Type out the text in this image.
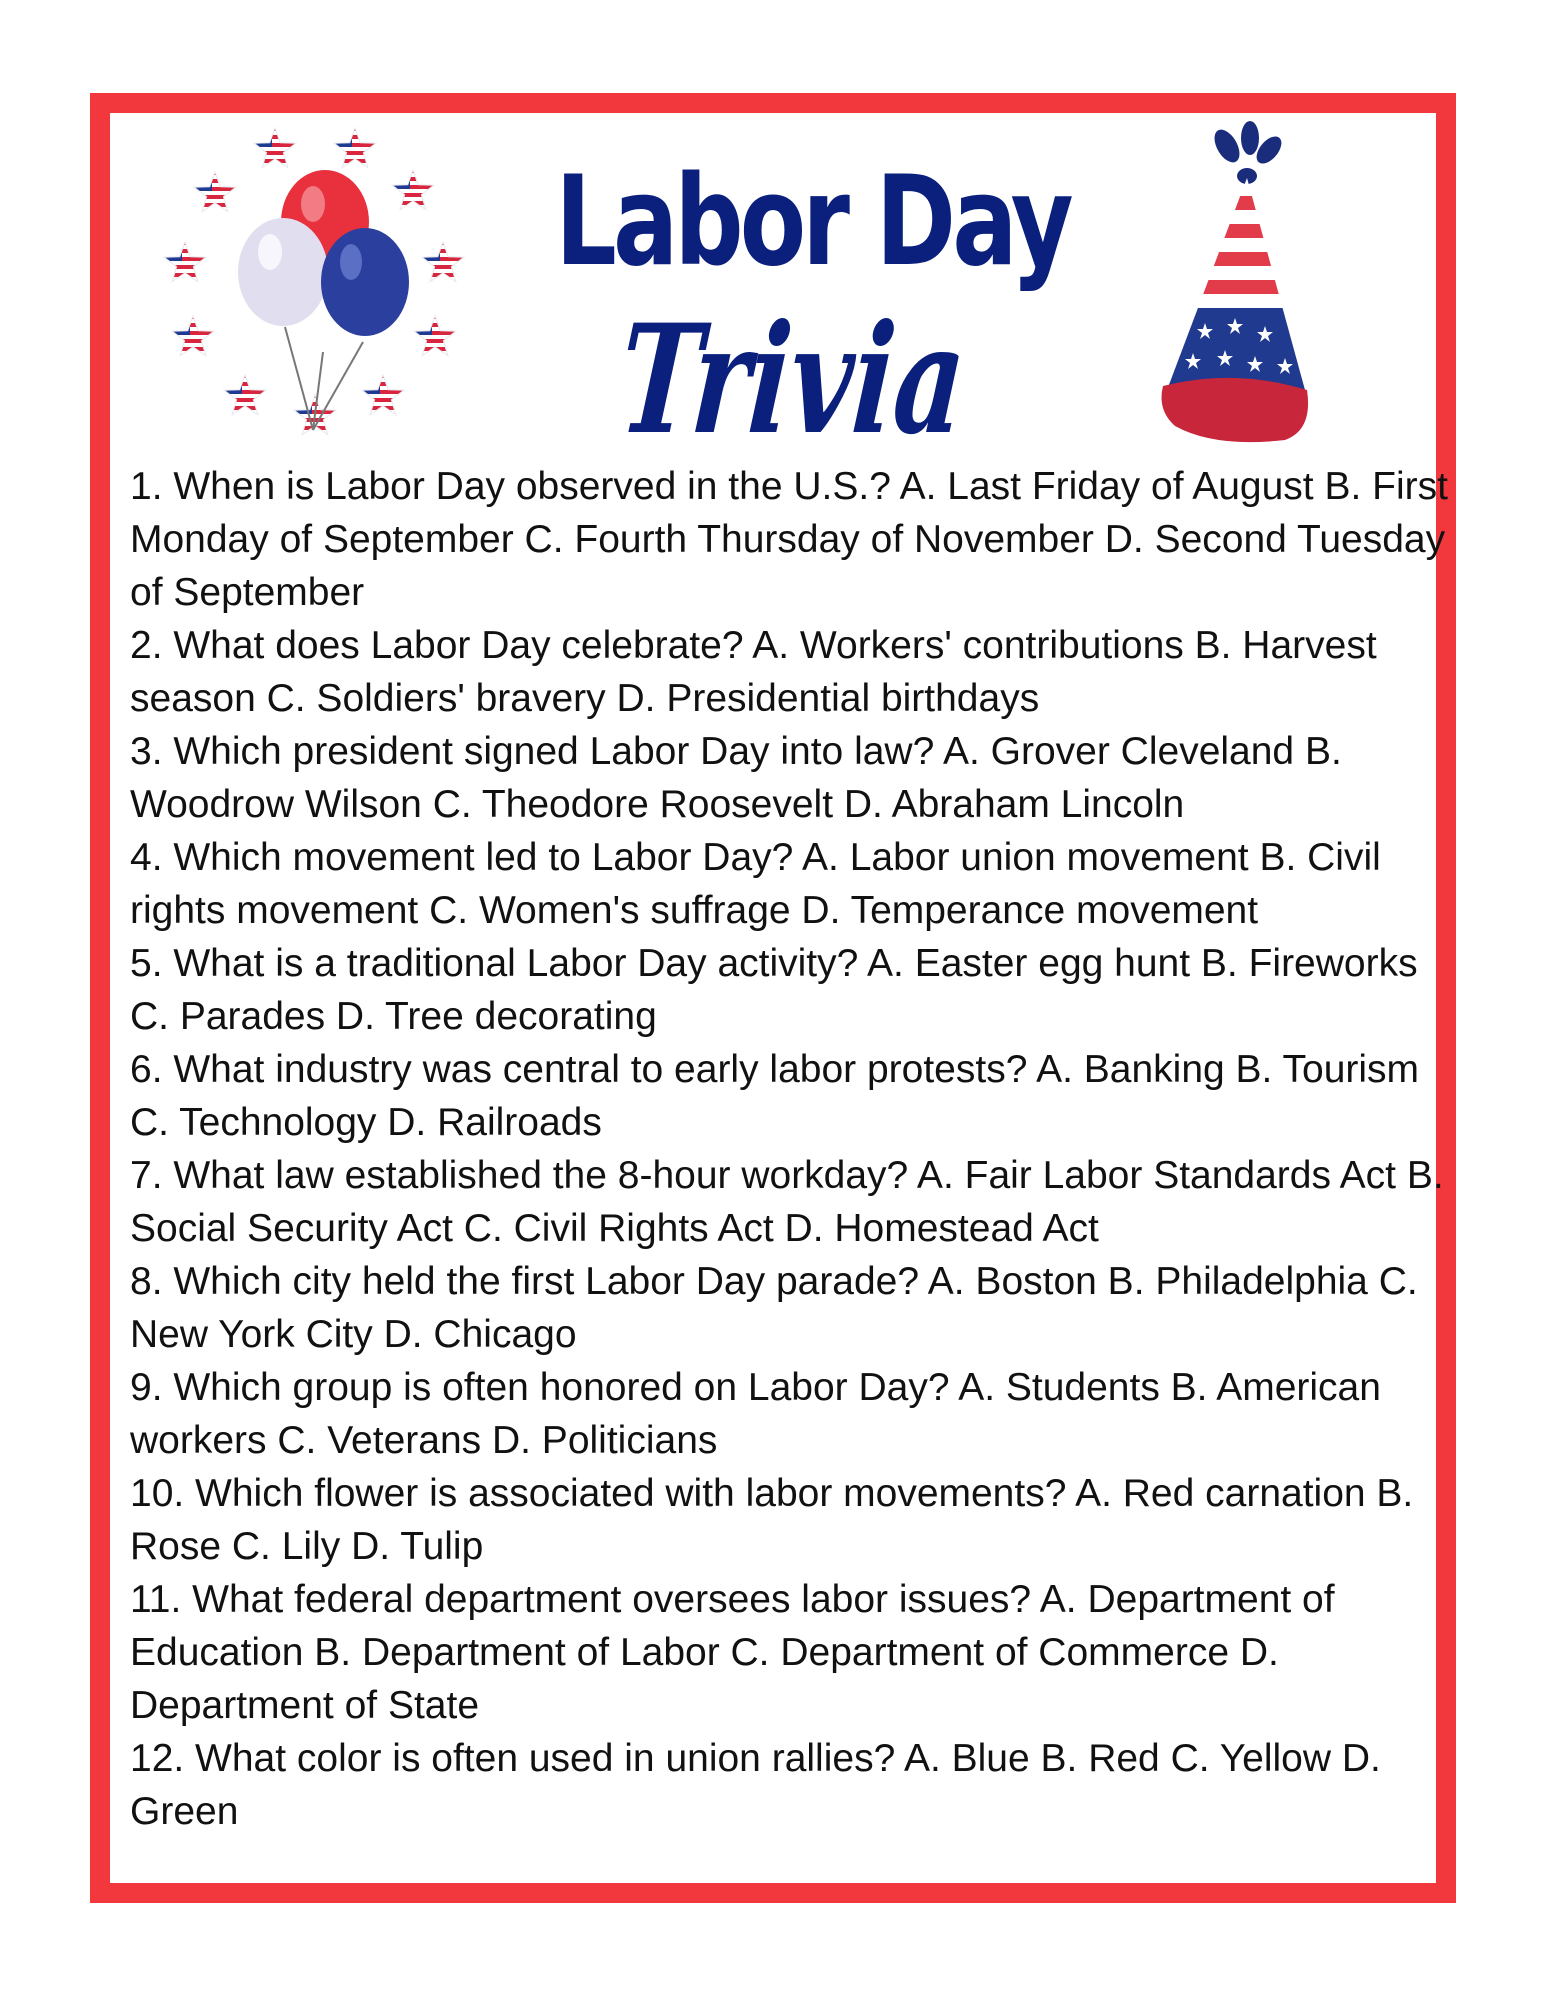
Labor Day
Trivia
1. When is Labor Day observed in the U.S.? A. Last Friday of August B. First Monday of September C. Fourth Thursday of November D. Second Tuesday of September
2. What does Labor Day celebrate? A. Workers' contributions B. Harvest season C. Soldiers' bravery D. Presidential birthdays
3. Which president signed Labor Day into law? A. Grover Cleveland B. Woodrow Wilson C. Theodore Roosevelt D. Abraham Lincoln
4. Which movement led to Labor Day? A. Labor union movement B. Civil rights movement C. Women's suffrage D. Temperance movement
5. What is a traditional Labor Day activity? A. Easter egg hunt B. Fireworks C. Parades D. Tree decorating
6. What industry was central to early labor protests? A. Banking B. Tourism C. Technology D. Railroads
7. What law established the 8-hour workday? A. Fair Labor Standards Act B. Social Security Act C. Civil Rights Act D. Homestead Act
8. Which city held the first Labor Day parade? A. Boston B. Philadelphia C. New York City D. Chicago
9. Which group is often honored on Labor Day? A. Students B. American workers C. Veterans D. Politicians
10. Which flower is associated with labor movements? A. Red carnation B. Rose C. Lily D. Tulip
11. What federal department oversees labor issues? A. Department of Education B. Department of Labor C. Department of Commerce D. Department of State
12. What color is often used in union rallies? A. Blue B. Red C. Yellow D. Green
